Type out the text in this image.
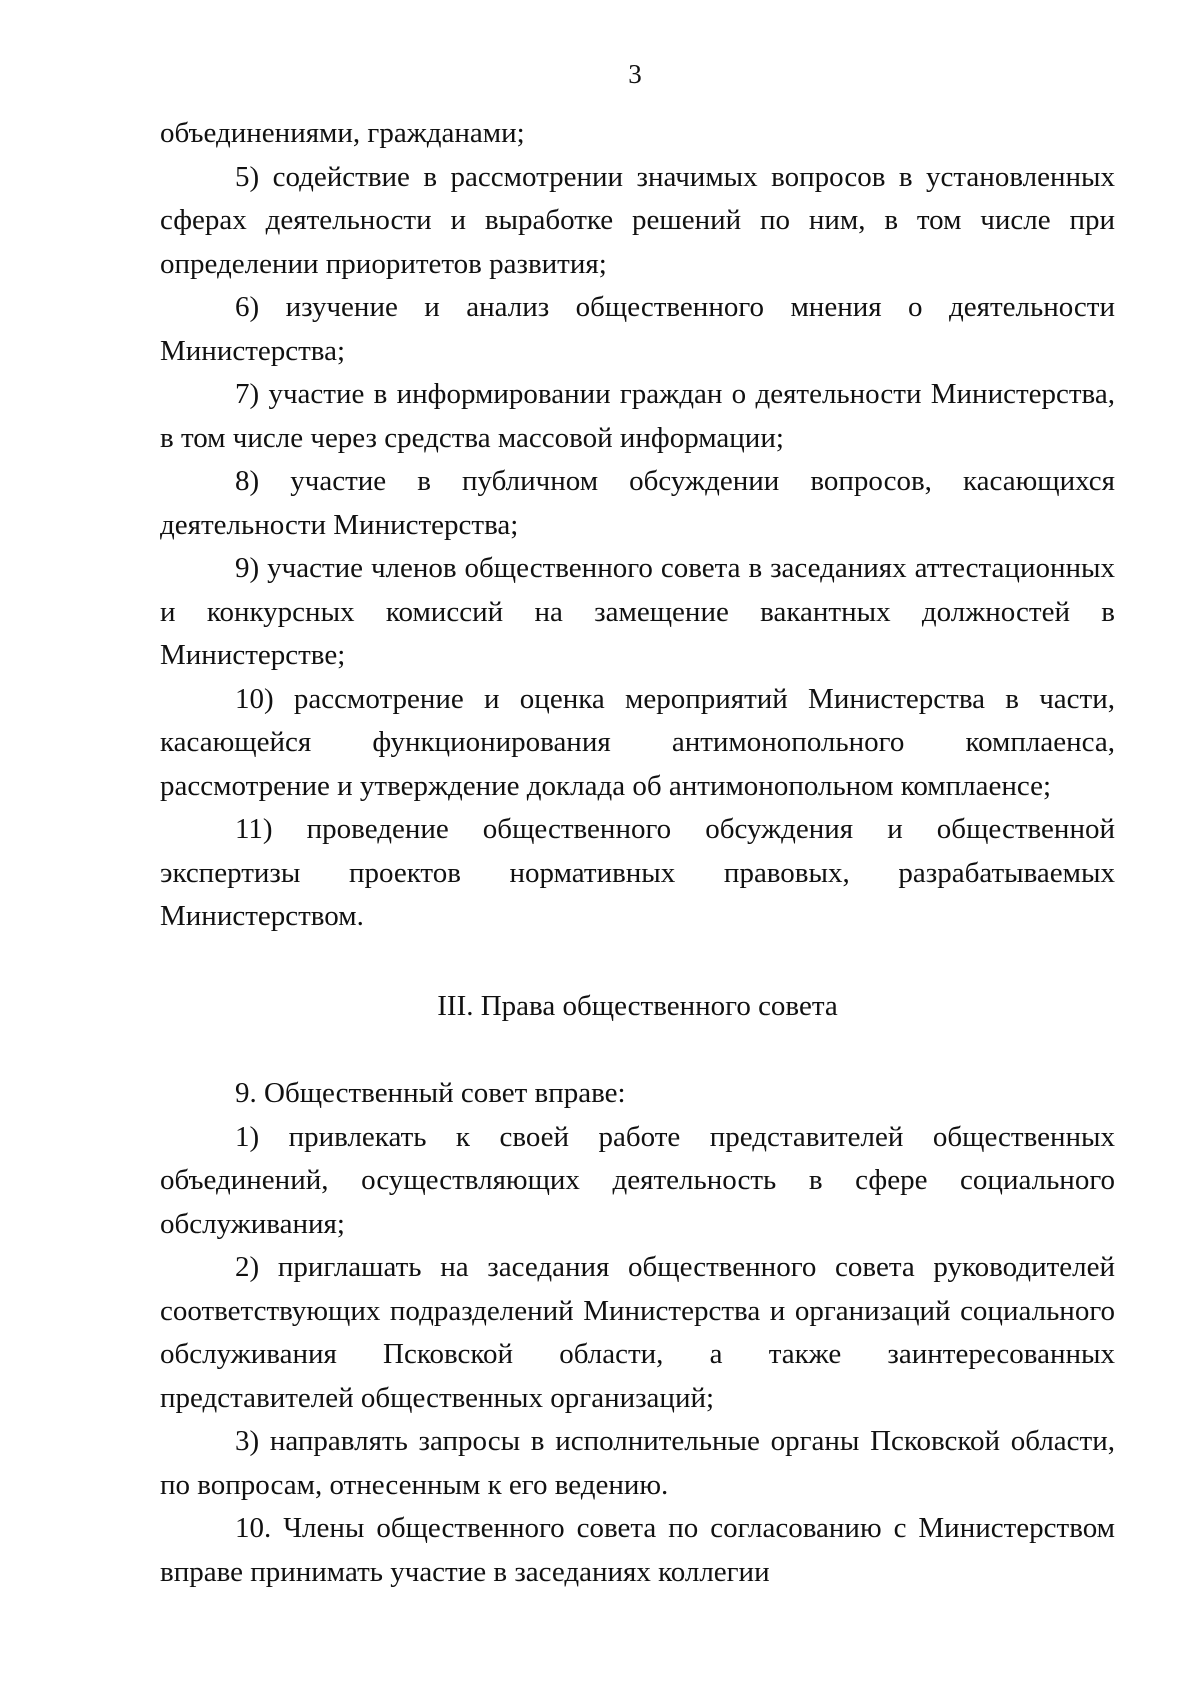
3

объединениями, гражданами;

5) содействие в рассмотрении значимых вопросов в установленных сферах деятельности и выработке решений по ним, в том числе при определении приоритетов развития;

6) изучение и анализ общественного мнения о деятельности Министерства;

7) участие в информировании граждан о деятельности Министерства, в том числе через средства массовой информации;

8) участие в публичном обсуждении вопросов, касающихся деятельности Министерства;

9) участие членов общественного совета в заседаниях аттестационных и конкурсных комиссий на замещение вакантных должностей в Министерстве;

10) рассмотрение и оценка мероприятий Министерства в части, касающейся функционирования антимонопольного комплаенса, рассмотрение и утверждение доклада об антимонопольном комплаенсе;

11) проведение общественного обсуждения и общественной экспертизы проектов нормативных правовых, разрабатываемых Министерством.

III. Права общественного совета

9. Общественный совет вправе:

1) привлекать к своей работе представителей общественных объединений, осуществляющих деятельность в сфере социального обслуживания;

2) приглашать на заседания общественного совета руководителей соответствующих подразделений Министерства и организаций социального обслуживания Псковской области, а также заинтересованных представителей общественных организаций;

3) направлять запросы в исполнительные органы Псковской области, по вопросам, отнесенным к его ведению.

10. Члены общественного совета по согласованию с Министерством вправе принимать участие в заседаниях коллегии
